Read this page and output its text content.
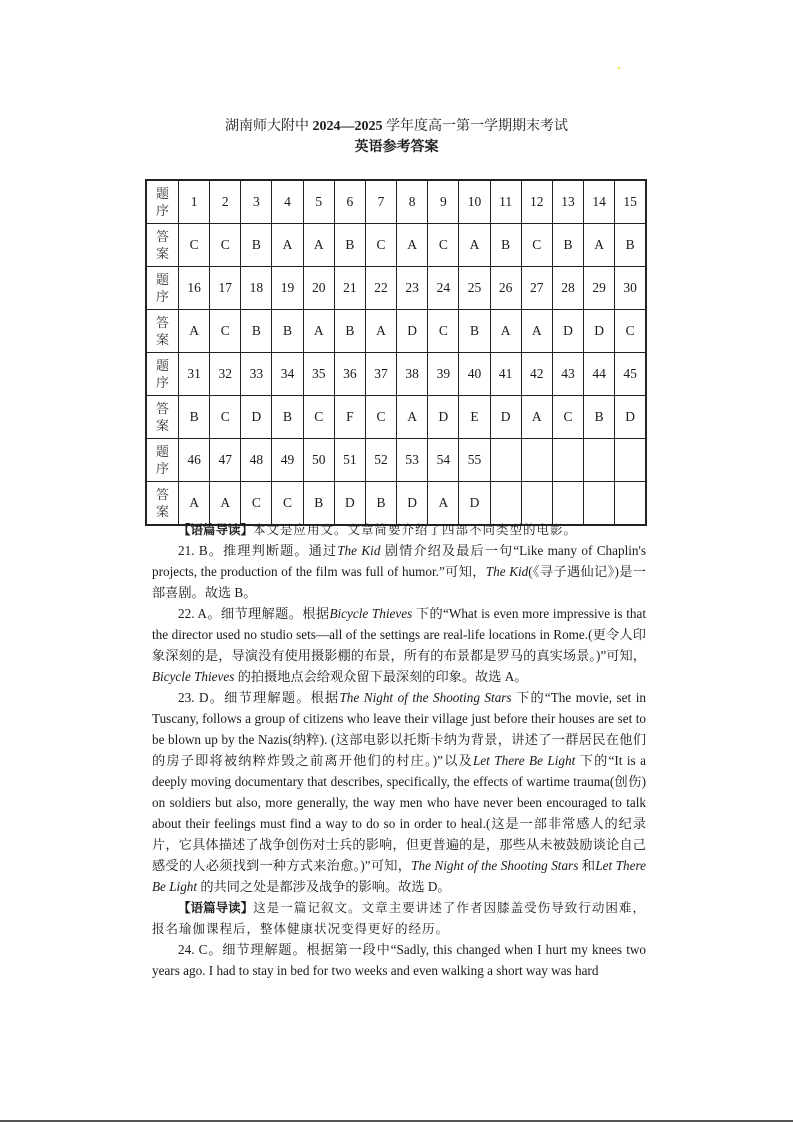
湖南师大附中 2024—2025 学年度高一第一学期期末考试
英语参考答案
题
序	1	2	3	4	5	6	7	8	9	10	11	12	13	14	15

答
案	C	C	B	A	A	B	C	A	C	A	B	C	B	A	B

题
序	16	17	18	19	20	21	22	23	24	25	26	27	28	29	30

答
案	A	C	B	B	A	B	A	D	C	B	A	A	D	D	C

题
序	31	32	33	34	35	36	37	38	39	40	41	42	43	44	45

答
案	B	C	D	B	C	F	C	A	D	E	D	A	C	B	D

题
序	46	47	48	49	50	51	52	53	54	55					

答
案	A	A	C	C	B	D	B	D	A	D					

【语篇导读】本文是应用文。文章简要介绍了四部不同类型的电影。

21. B。推理判断题。通过The Kid 剧情介绍及最后一句“Like many of Chaplin's projects, the production of the film was full of humor.”可知，The Kid(《寻子遇仙记》)是一部喜剧。故选 B。

22. A。细节理解题。根据Bicycle Thieves 下的“What is even more impressive is that the director used no studio sets—all of the settings are real-life locations in Rome.(更令人印象深刻的是，导演没有使用摄影棚的布景，所有的布景都是罗马的真实场景。)”可知，Bicycle Thieves 的拍摄地点会给观众留下最深刻的印象。故选 A。

23. D。细节理解题。根据The Night of the Shooting Stars 下的“The movie, set in Tuscany, follows a group of citizens who leave their village just before their houses are set to be blown up by the Nazis(纳粹). (这部电影以托斯卡纳为背景，讲述了一群居民在他们的房子即将被纳粹炸毁之前离开他们的村庄。)”以及Let There Be Light 下的“It is a deeply moving documentary that describes, specifically, the effects of wartime trauma(创伤) on soldiers but also, more generally, the way men who have never been encouraged to talk about their feelings must find a way to do so in order to heal.(这是一部非常感人的纪录片，它具体描述了战争创伤对士兵的影响，但更普遍的是，那些从未被鼓励谈论自己感受的人必须找到一种方式来治愈。)”可知，The Night of the Shooting Stars 和Let There Be Light 的共同之处是都涉及战争的影响。故选 D。

【语篇导读】这是一篇记叙文。文章主要讲述了作者因膝盖受伤导致行动困难，报名瑜伽课程后，整体健康状况变得更好的经历。

24. C。细节理解题。根据第一段中“Sadly, this changed when I hurt my knees two years ago. I had to stay in bed for two weeks and even walking a short way was hard
